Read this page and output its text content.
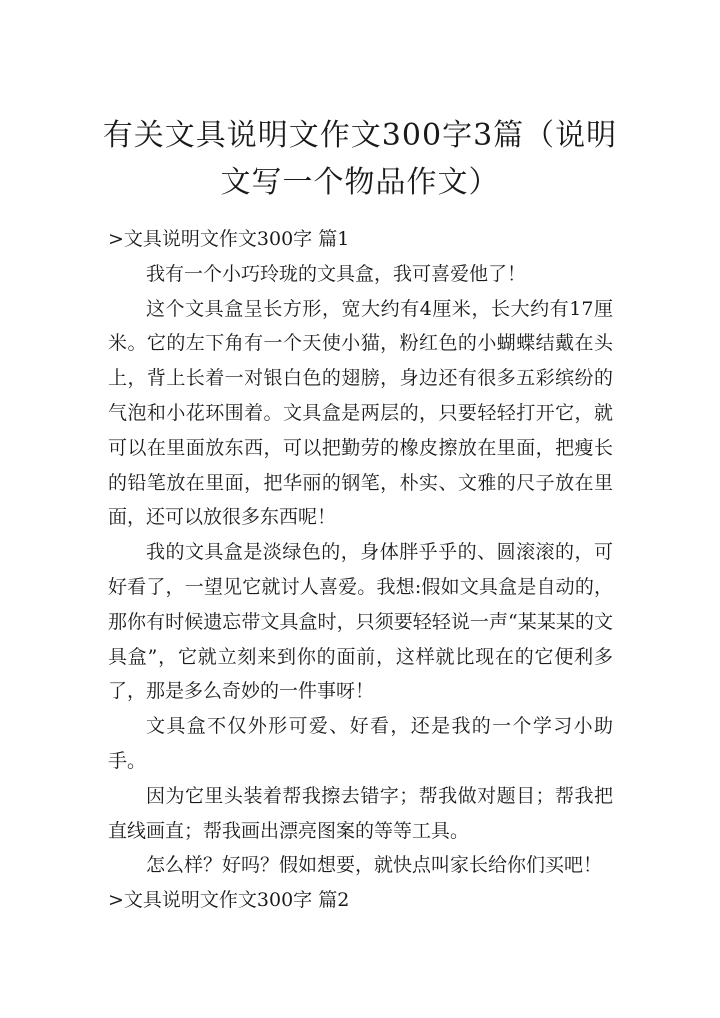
有关文具说明文作文300字3篇（说明文写一个物品作文）
>文具说明文作文300字 篇1

我有一个小巧玲珑的文具盒，我可喜爱他了！

这个文具盒呈长方形，宽大约有4厘米，长大约有17厘米。它的左下角有一个天使小猫，粉红色的小蝴蝶结戴在头上，背上长着一对银白色的翅膀，身边还有很多五彩缤纷的气泡和小花环围着。文具盒是两层的，只要轻轻打开它，就可以在里面放东西，可以把勤劳的橡皮擦放在里面，把瘦长的铅笔放在里面，把华丽的钢笔，朴实、文雅的尺子放在里面，还可以放很多东西呢！

我的文具盒是淡绿色的，身体胖乎乎的、圆滚滚的，可好看了，一望见它就讨人喜爱。我想:假如文具盒是自动的，那你有时候遗忘带文具盒时，只须要轻轻说一声“某某某的文具盒”，它就立刻来到你的面前，这样就比现在的它便利多了，那是多么奇妙的一件事呀！

文具盒不仅外形可爱、好看，还是我的一个学习小助手。

因为它里头装着帮我擦去错字；帮我做对题目；帮我把直线画直；帮我画出漂亮图案的等等工具。

怎么样？好吗？假如想要，就快点叫家长给你们买吧！

>文具说明文作文300字 篇2
